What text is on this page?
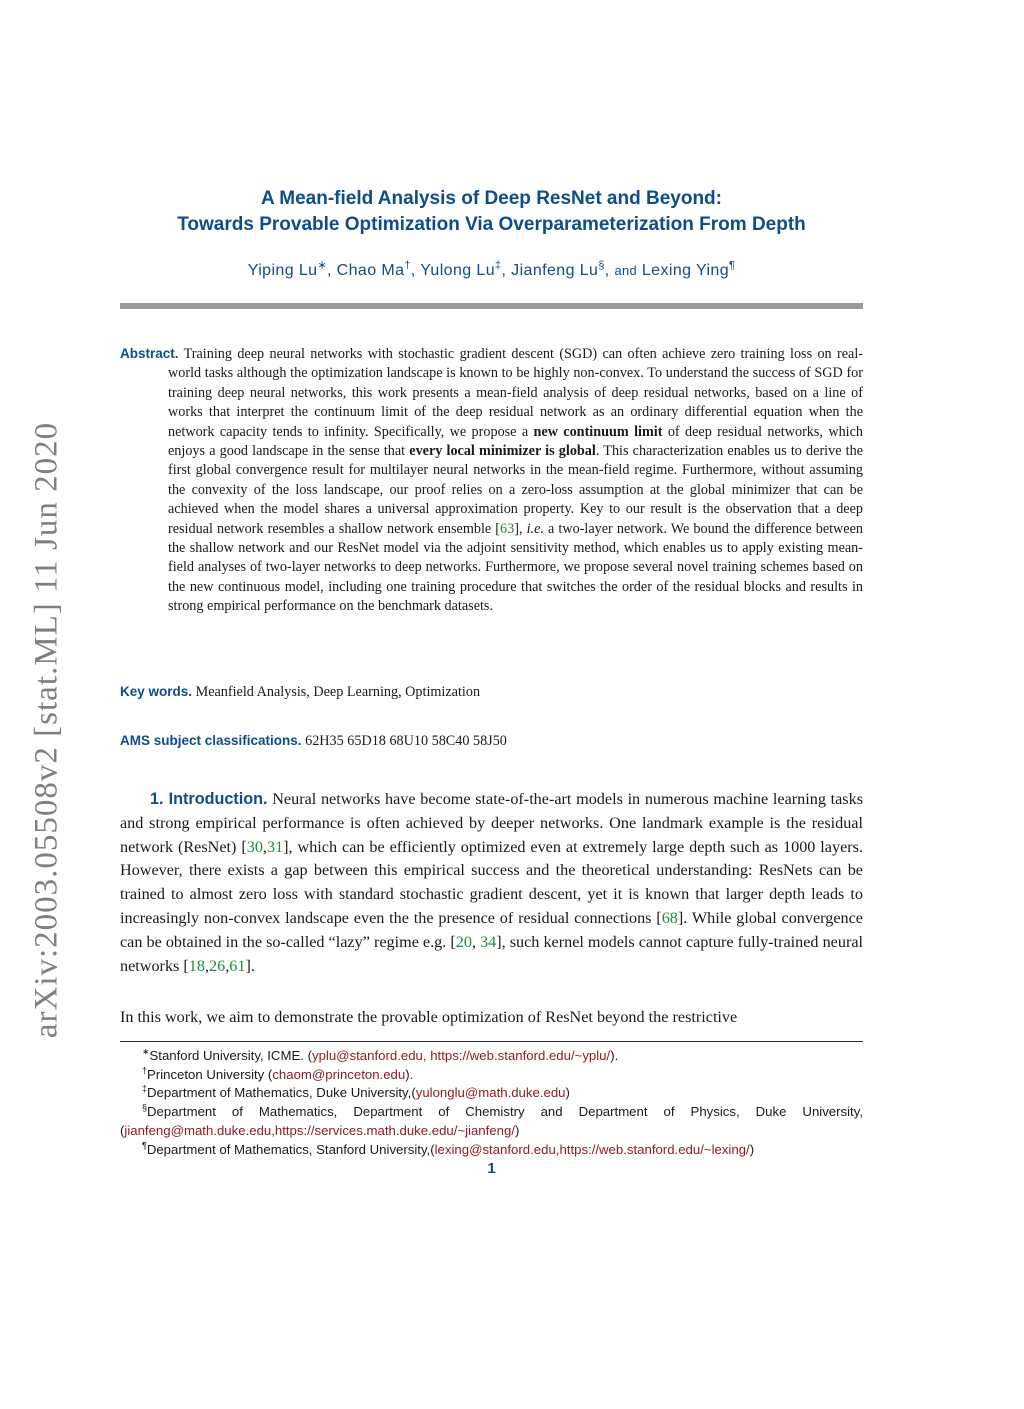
arXiv:2003.05508v2 [stat.ML] 11 Jun 2020
A Mean-field Analysis of Deep ResNet and Beyond:
Towards Provable Optimization Via Overparameterization From Depth
Yiping Lu∗, Chao Ma†, Yulong Lu‡, Jianfeng Lu§, and Lexing Ying¶

Abstract. Training deep neural networks with stochastic gradient descent (SGD) can often achieve zero training loss on real-world tasks although the optimization landscape is known to be highly non-convex. To understand the success of SGD for training deep neural networks, this work presents a mean-field analysis of deep residual networks, based on a line of works that interpret the continuum limit of the deep residual network as an ordinary differential equation when the network capacity tends to infinity. Specifically, we propose a new continuum limit of deep residual networks, which enjoys a good landscape in the sense that every local minimizer is global. This characterization enables us to derive the first global convergence result for multilayer neural networks in the mean-field regime. Furthermore, without assuming the convexity of the loss landscape, our proof relies on a zero-loss assumption at the global minimizer that can be achieved when the model shares a universal approximation property. Key to our result is the observation that a deep residual network resembles a shallow network ensemble [63], i.e. a two-layer network. We bound the difference between the shallow network and our ResNet model via the adjoint sensitivity method, which enables us to apply existing mean-field analyses of two-layer networks to deep networks. Furthermore, we propose several novel training schemes based on the new continuous model, including one training procedure that switches the order of the residual blocks and results in strong empirical performance on the benchmark datasets.

Key words. Meanfield Analysis, Deep Learning, Optimization

AMS subject classifications. 62H35 65D18 68U10 58C40 58J50

1. Introduction. Neural networks have become state-of-the-art models in numerous machine learning tasks and strong empirical performance is often achieved by deeper networks. One landmark example is the residual network (ResNet) [30,31], which can be efficiently optimized even at extremely large depth such as 1000 layers. However, there exists a gap between this empirical success and the theoretical understanding: ResNets can be trained to almost zero loss with standard stochastic gradient descent, yet it is known that larger depth leads to increasingly non-convex landscape even the the presence of residual connections [68]. While global convergence can be obtained in the so-called “lazy” regime e.g. [20, 34], such kernel models cannot capture fully-trained neural networks [18,26,61].

In this work, we aim to demonstrate the provable optimization of ResNet beyond the restrictive

∗Stanford University, ICME. (yplu@stanford.edu, https://web.stanford.edu/~yplu/).

†Princeton University (chaom@princeton.edu).

‡Department of Mathematics, Duke University,(yulonglu@math.duke.edu)

§Department of Mathematics, Department of Chemistry and Department of Physics, Duke University,(jianfeng@math.duke.edu,https://services.math.duke.edu/~jianfeng/)

¶Department of Mathematics, Stanford University,(lexing@stanford.edu,https://web.stanford.edu/~lexing/)

1
